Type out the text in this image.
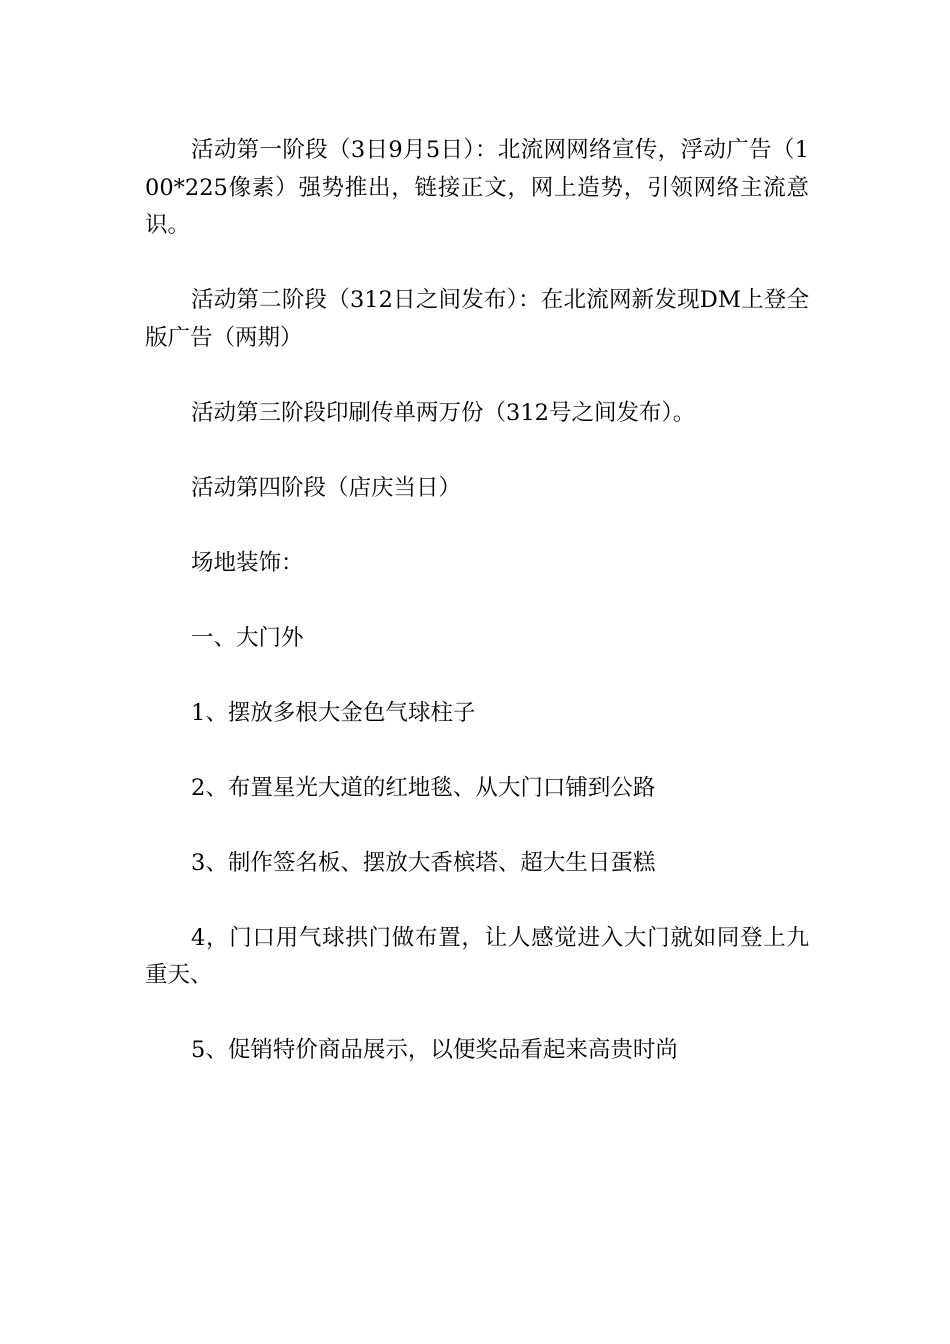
活动第一阶段（3日9月5日）：北流网网络宣传，浮动广告（100*225像素）强势推出，链接正文，网上造势，引领网络主流意识。

活动第二阶段（312日之间发布）：在北流网新发现DM上登全版广告（两期）

活动第三阶段印刷传单两万份（312号之间发布）。

活动第四阶段（店庆当日）

场地装饰：

一、大门外

1、摆放多根大金色气球柱子

2、布置星光大道的红地毯、从大门口铺到公路

3、制作签名板、摆放大香槟塔、超大生日蛋糕

4，门口用气球拱门做布置，让人感觉进入大门就如同登上九重天、

5、促销特价商品展示，以便奖品看起来高贵时尚
